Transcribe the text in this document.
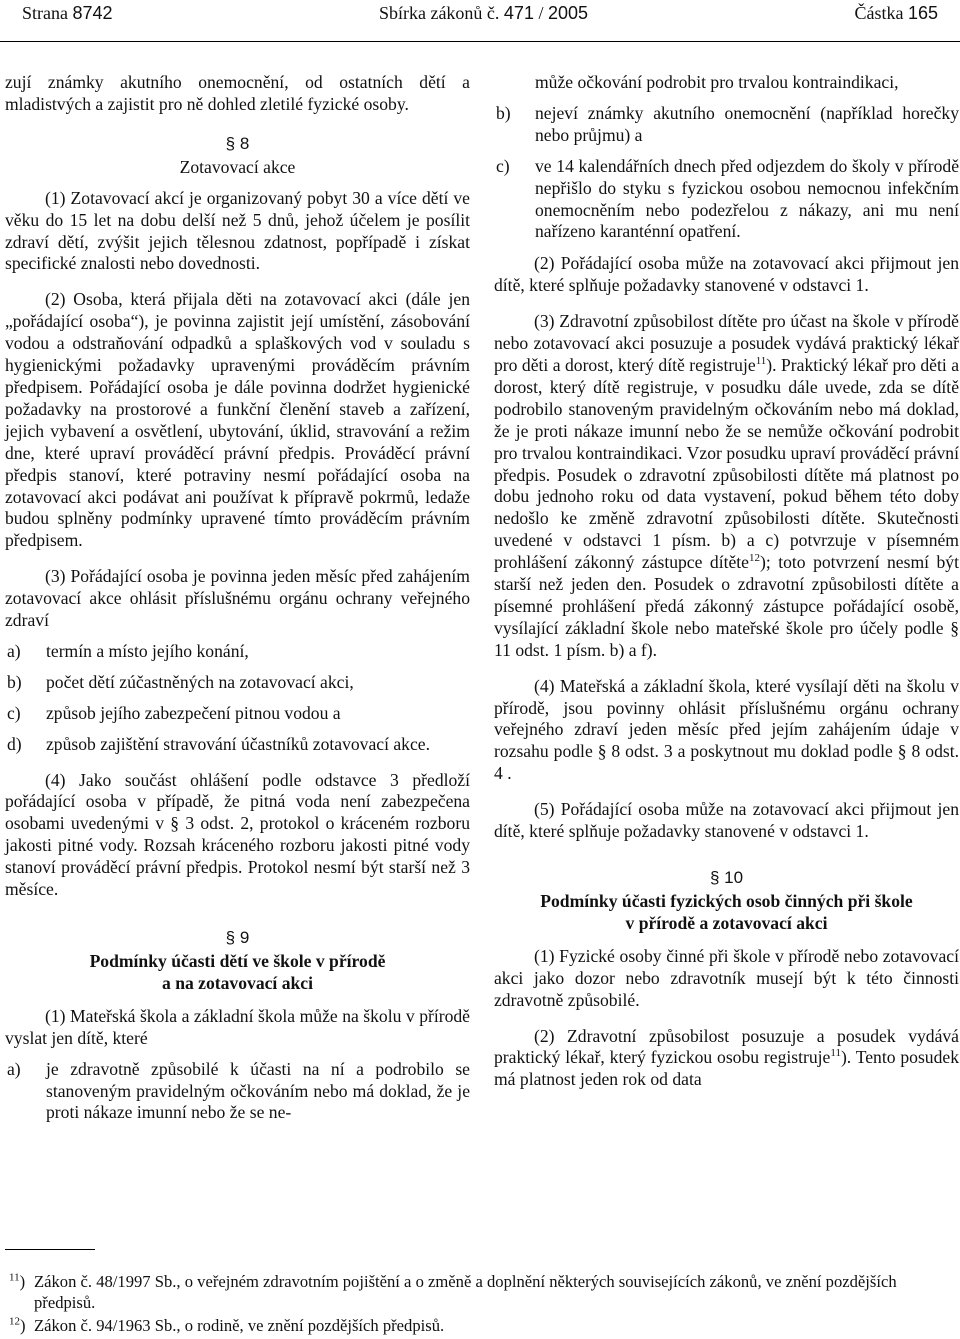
Strana 8742	Sbírka zákonů č. 471 / 2005	Částka 165

zují známky akutního onemocnění, od ostatních dětí a mladistvých a zajistit pro ně dohled zletilé fyzické osoby.

§ 8
Zotavovací akce

(1) Zotavovací akcí je organizovaný pobyt 30 a více dětí ve věku do 15 let na dobu delší než 5 dnů, jehož účelem je posílit zdraví dětí, zvýšit jejich tělesnou zdatnost, popřípadě i získat specifické znalosti nebo dovednosti.

(2) Osoba, která přijala děti na zotavovací akci (dále jen „pořádající osoba“), je povinna zajistit její umístění, zásobování vodou a odstraňování odpadků a splaškových vod v souladu s hygienickými požadavky upravenými prováděcím právním předpisem. Pořádající osoba je dále povinna dodržet hygienické požadavky na prostorové a funkční členění staveb a zařízení, jejich vybavení a osvětlení, ubytování, úklid, stravování a režim dne, které upraví prováděcí právní předpis. Prováděcí právní předpis stanoví, které potraviny nesmí pořádající osoba na zotavovací akci podávat ani používat k přípravě pokrmů, ledaže budou splněny podmínky upravené tímto prováděcím právním předpisem.

(3) Pořádající osoba je povinna jeden měsíc před zahájením zotavovací akce ohlásit příslušnému orgánu ochrany veřejného zdraví

a)	termín a místo jejího konání,
b)	počet dětí zúčastněných na zotavovací akci,
c)	způsob jejího zabezpečení pitnou vodou a
d)	způsob zajištění stravování účastníků zotavovací akce.

(4) Jako součást ohlášení podle odstavce 3 předloží pořádající osoba v případě, že pitná voda není zabezpečena osobami uvedenými v § 3 odst. 2, protokol o kráceném rozboru jakosti pitné vody. Rozsah kráceného rozboru jakosti pitné vody stanoví prováděcí právní předpis. Protokol nesmí být starší než 3 měsíce.

§ 9
Podmínky účasti dětí ve škole v přírodě
a na zotavovací akci

(1) Mateřská škola a základní škola může na školu v přírodě vyslat jen dítě, které

a)	je zdravotně způsobilé k účasti na ní a podrobilo se stanoveným pravidelným očkováním nebo má doklad, že je proti nákaze imunní nebo že se ne-

může očkování podrobit pro trvalou kontraindikaci,

b)	nejeví známky akutního onemocnění (například horečky nebo průjmu) a
c)	ve 14 kalendářních dnech před odjezdem do školy v přírodě nepřišlo do styku s fyzickou osobou nemocnou infekčním onemocněním nebo podezřelou z nákazy, ani mu není nařízeno karanténní opatření.

(2) Pořádající osoba může na zotavovací akci přijmout jen dítě, které splňuje požadavky stanovené v odstavci 1.

(3) Zdravotní způsobilost dítěte pro účast na škole v přírodě nebo zotavovací akci posuzuje a posudek vydává praktický lékař pro děti a dorost, který dítě registruje$^{11}$). Praktický lékař pro děti a dorost, který dítě registruje, v posudku dále uvede, zda se dítě podrobilo stanoveným pravidelným očkováním nebo má doklad, že je proti nákaze imunní nebo že se nemůže očkování podrobit pro trvalou kontraindikaci. Vzor posudku upraví prováděcí právní předpis. Posudek o zdravotní způsobilosti dítěte má platnost po dobu jednoho roku od data vystavení, pokud během této doby nedošlo ke změně zdravotní způsobilosti dítěte. Skutečnosti uvedené v odstavci 1 písm. b) a c) potvrzuje v písemném prohlášení zákonný zástupce dítěte$^{12}$); toto potvrzení nesmí být starší než jeden den. Posudek o zdravotní způsobilosti dítěte a písemné prohlášení předá zákonný zástupce pořádající osobě, vysílající základní škole nebo mateřské škole pro účely podle § 11 odst. 1 písm. b) a f).

(4) Mateřská a základní škola, které vysílají děti na školu v přírodě, jsou povinny ohlásit příslušnému orgánu ochrany veřejného zdraví jeden měsíc před jejím zahájením údaje v rozsahu podle § 8 odst. 3 a poskytnout mu doklad podle § 8 odst. 4 .

(5) Pořádající osoba může na zotavovací akci přijmout jen dítě, které splňuje požadavky stanovené v odstavci 1.

§ 10
Podmínky účasti fyzických osob činných při škole
v přírodě a zotavovací akci

(1) Fyzické osoby činné při škole v přírodě nebo zotavovací akci jako dozor nebo zdravotník musejí být k této činnosti zdravotně způsobilé.

(2) Zdravotní způsobilost posuzuje a posudek vydává praktický lékař, který fyzickou osobu registruje$^{11}$). Tento posudek má platnost jeden rok od data

$^{11}$) Zákon č. 48/1997 Sb., o veřejném zdravotním pojištění a o změně a doplnění některých souvisejících zákonů, ve znění pozdějších předpisů.
$^{12}$) Zákon č. 94/1963 Sb., o rodině, ve znění pozdějších předpisů.
